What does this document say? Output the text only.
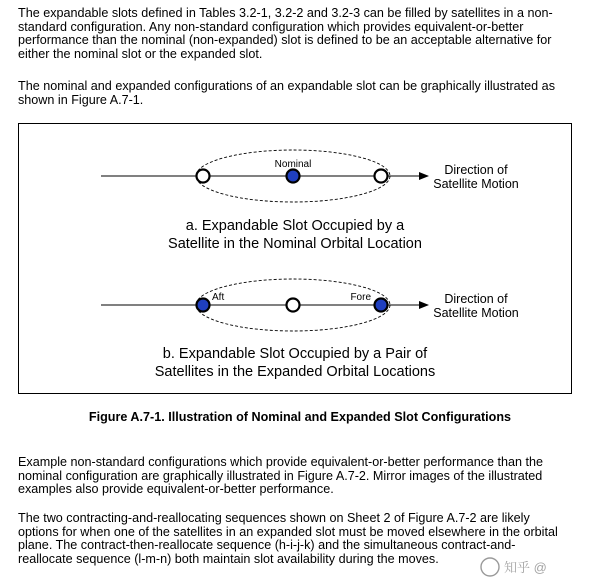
The expandable slots defined in Tables 3.2-1, 3.2-2 and 3.2-3 can be filled by satellites in a non-
standard configuration. Any non-standard configuration which provides equivalent-or-better
performance than the nominal (non-expanded) slot is defined to be an acceptable alternative for
either the nominal slot or the expanded slot.

The nominal and expanded configurations of an expandable slot can be graphically illustrated as
shown in Figure A.7-1.

Nominal	Direction of
Satellite Motion
a. Expandable Slot Occupied by a
Satellite in the Nominal Orbital Location
Aft	Fore	Direction of
Satellite Motion
b. Expandable Slot Occupied by a Pair of
Satellites in the Expanded Orbital Locations
Figure A.7-1. Illustration of Nominal and Expanded Slot Configurations

Example non-standard configurations which provide equivalent-or-better performance than the
nominal configuration are graphically illustrated in Figure A.7-2. Mirror images of the illustrated
examples also provide equivalent-or-better performance.

The two contracting-and-reallocating sequences shown on Sheet 2 of Figure A.7-2 are likely
options for when one of the satellites in an expanded slot must be moved elsewhere in the orbital
plane. The contract-then-reallocate sequence (h-i-j-k) and the simultaneous contract-and-
reallocate sequence (l-m-n) both maintain slot availability during the moves.

知乎 @
